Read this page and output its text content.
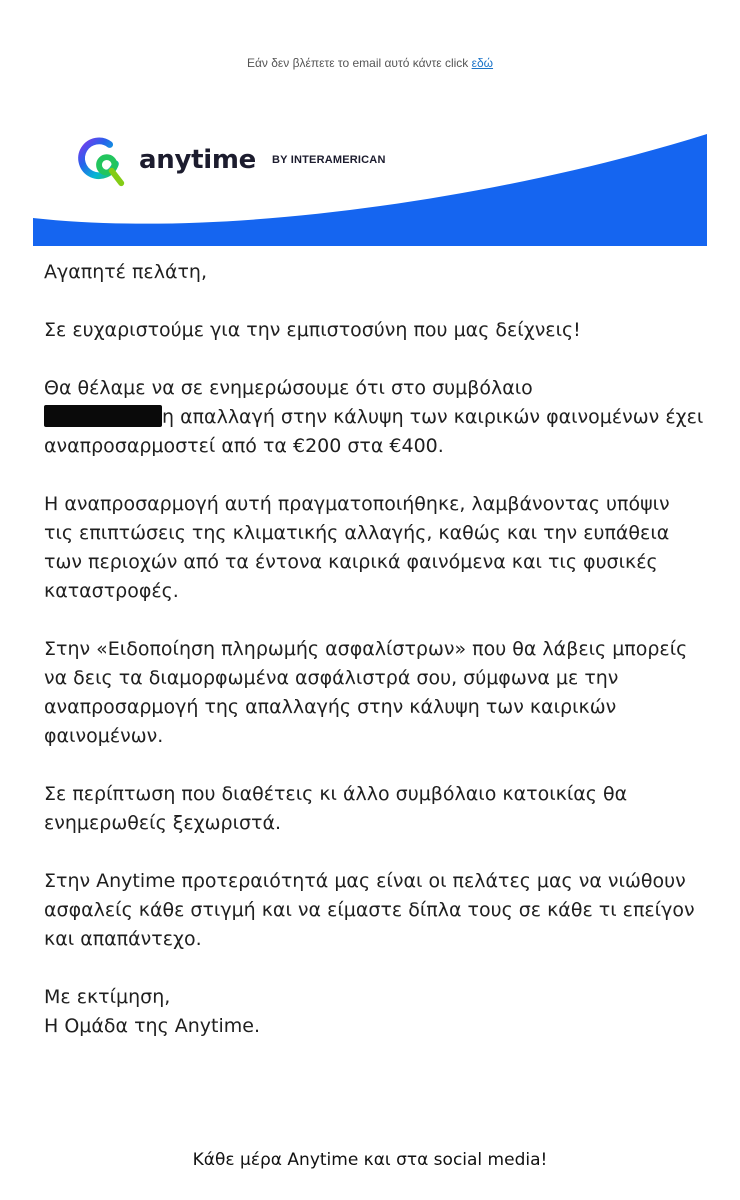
Εάν δεν βλέπετε το email αυτό κάντε click εδώ
anytime BY INTERAMERICAN

Αγαπητέ πελάτη,

Σε ευχαριστούμε για την εμπιστοσύνη που μας δείχνεις!

Θα θέλαμε να σε ενημερώσουμε ότι στο συμβόλαιο
η απαλλαγή στην κάλυψη των καιρικών φαινομένων έχει αναπροσαρμοστεί από τα €200 στα €400.

Η αναπροσαρμογή αυτή πραγματοποιήθηκε, λαμβάνοντας υπόψιν τις επιπτώσεις της κλιματικής αλλαγής, καθώς και την ευπάθεια των περιοχών από τα έντονα καιρικά φαινόμενα και τις φυσικές καταστροφές.

Στην «Ειδοποίηση πληρωμής ασφαλίστρων» που θα λάβεις μπορείς να δεις τα διαμορφωμένα ασφάλιστρά σου, σύμφωνα με την αναπροσαρμογή της απαλλαγής στην κάλυψη των καιρικών φαινομένων.

Σε περίπτωση που διαθέτεις κι άλλο συμβόλαιο κατοικίας θα ενημερωθείς ξεχωριστά.

Στην Anytime προτεραιότητά μας είναι οι πελάτες μας να νιώθουν ασφαλείς κάθε στιγμή και να είμαστε δίπλα τους σε κάθε τι επείγον και απαπάντεχο.

Με εκτίμηση,
Η Ομάδα της Anytime.

Κάθε μέρα Anytime και στα social media!
